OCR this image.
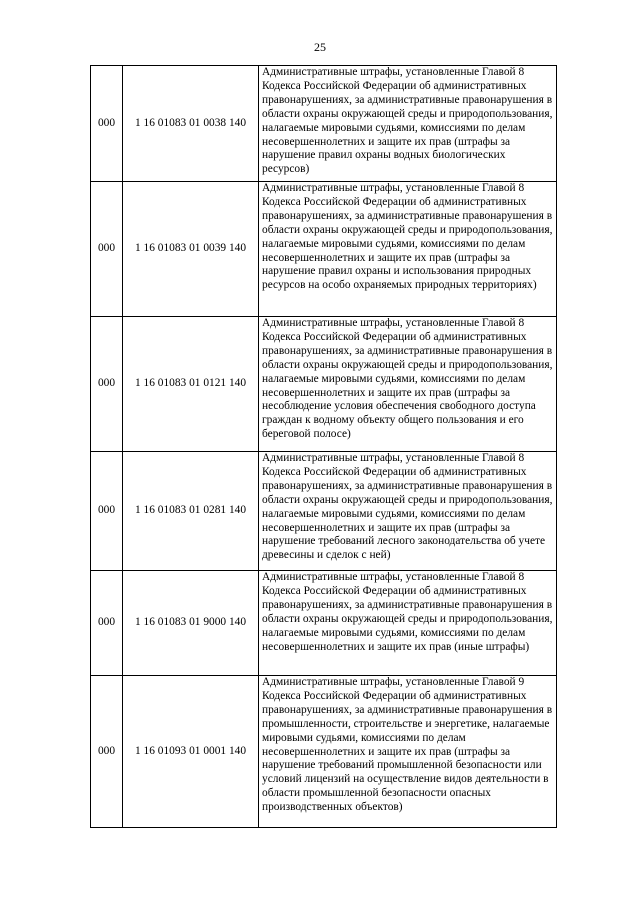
25
000	1 16 01083 01 0038 140	Административные штрафы, установленные Главой 8 Кодекса Российской Федерации об административных правонарушениях, за административные правонарушения в области охраны окружающей среды и природопользования, налагаемые мировыми судьями, комиссиями по делам несовершеннолетних и защите их прав (штрафы за нарушение правил охраны водных биологических ресурсов)
000	1 16 01083 01 0039 140	Административные штрафы, установленные Главой 8 Кодекса Российской Федерации об административных правонарушениях, за административные правонарушения в области охраны окружающей среды и природопользования, налагаемые мировыми судьями, комиссиями по делам несовершеннолетних и защите их прав (штрафы за нарушение правил охраны и использования природных ресурсов на особо охраняемых природных территориях)
000	1 16 01083 01 0121 140	Административные штрафы, установленные Главой 8 Кодекса Российской Федерации об административных правонарушениях, за административные правонарушения в области охраны окружающей среды и природопользования, налагаемые мировыми судьями, комиссиями по делам несовершеннолетних и защите их прав (штрафы за несоблюдение условия обеспечения свободного доступа граждан к водному объекту общего пользования и его береговой полосе)
000	1 16 01083 01 0281 140	Административные штрафы, установленные Главой 8 Кодекса Российской Федерации об административных правонарушениях, за административные правонарушения в области охраны окружающей среды и природопользования, налагаемые мировыми судьями, комиссиями по делам несовершеннолетних и защите их прав (штрафы за нарушение требований лесного законодательства об учете древесины и сделок с ней)
000	1 16 01083 01 9000 140	Административные штрафы, установленные Главой 8 Кодекса Российской Федерации об административных правонарушениях, за административные правонарушения в области охраны окружающей среды и природопользования, налагаемые мировыми судьями, комиссиями по делам несовершеннолетних и защите их прав (иные штрафы)
000	1 16 01093 01 0001 140	Административные штрафы, установленные Главой 9 Кодекса Российской Федерации об административных правонарушениях, за административные правонарушения в промышленности, строительстве и энергетике, налагаемые мировыми судьями, комиссиями по делам несовершеннолетних и защите их прав (штрафы за нарушение требований промышленной безопасности или условий лицензий на осуществление видов деятельности в области промышленной безопасности опасных производственных объектов)
